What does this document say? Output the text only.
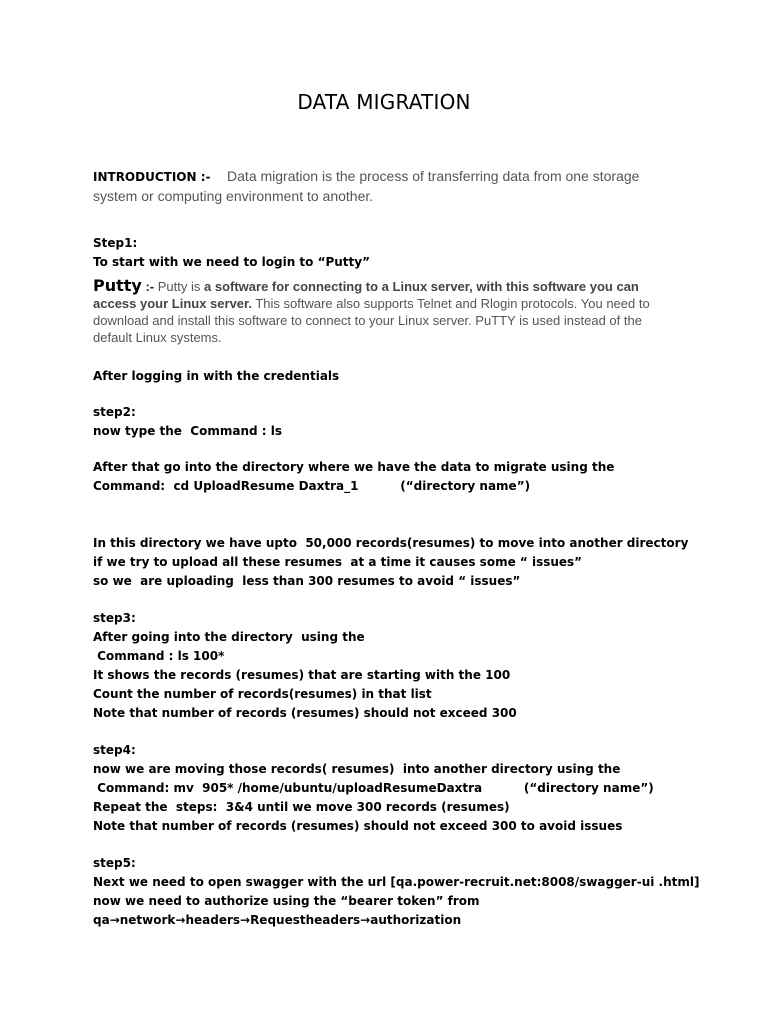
DATA MIGRATION
INTRODUCTION :- Data migration is the process of transferring data from one storage system or computing environment to another.
Step1:
To start with we need to login to “Putty”
Putty :- Putty is a software for connecting to a Linux server, with this software you can access your Linux server. This software also supports Telnet and Rlogin protocols. You need to download and install this software to connect to your Linux server. PuTTY is used instead of the default Linux systems.
After logging in with the credentials
step2:
now type the  Command : ls
After that go into the directory where we have the data to migrate using the
Command:  cd UploadResume Daxtra_1          (“directory name”)
In this directory we have upto  50,000 records(resumes) to move into another directory
if we try to upload all these resumes  at a time it causes some “ issues”
so we  are uploading  less than 300 resumes to avoid “ issues”
step3:
After going into the directory  using the
Command : ls 100*
It shows the records (resumes) that are starting with the 100
Count the number of records(resumes) in that list
Note that number of records (resumes) should not exceed 300
step4:
now we are moving those records( resumes)  into another directory using the
Command: mv  905* /home/ubuntu/uploadResumeDaxtra          (“directory name”)
Repeat the  steps:  3&4 until we move 300 records (resumes)
Note that number of records (resumes) should not exceed 300 to avoid issues
step5:
Next we need to open swagger with the url [qa.power-recruit.net:8008/swagger-ui .html]
now we need to authorize using the “bearer token” from
qa→network→headers→Requestheaders→authorization
